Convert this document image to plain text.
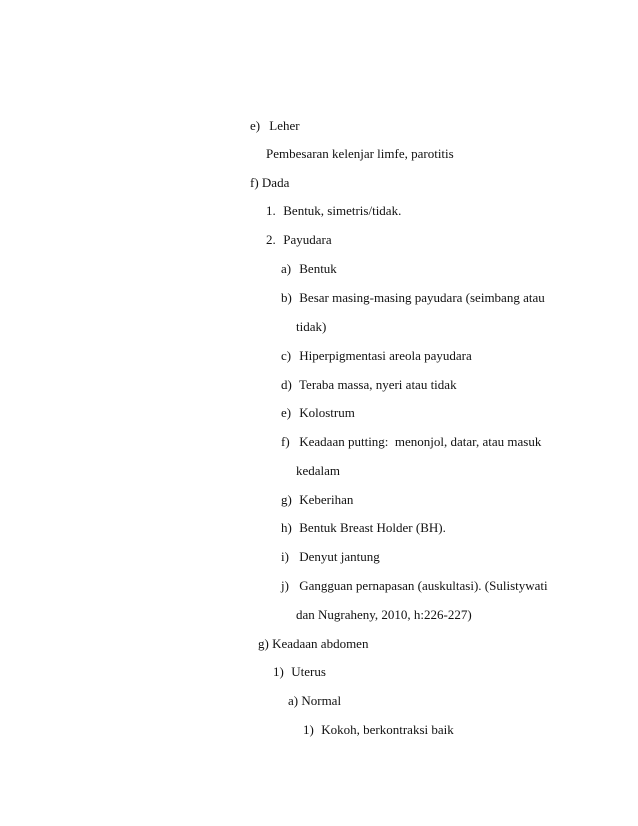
e) Leher
Pembesaran kelenjar limfe, parotitis
f) Dada
1. Bentuk, simetris/tidak.
2. Payudara
a) Bentuk
b) Besar masing-masing payudara (seimbang atau
tidak)
c) Hiperpigmentasi areola payudara
d) Teraba massa, nyeri atau tidak
e) Kolostrum
f) Keadaan putting:  menonjol, datar, atau masuk
kedalam
g) Keberihan
h) Bentuk Breast Holder (BH).
i) Denyut jantung
j) Gangguan pernapasan (auskultasi). (Sulistywati
dan Nugraheny, 2010, h:226-227)
g) Keadaan abdomen
1) Uterus
a) Normal
1) Kokoh, berkontraksi baik
